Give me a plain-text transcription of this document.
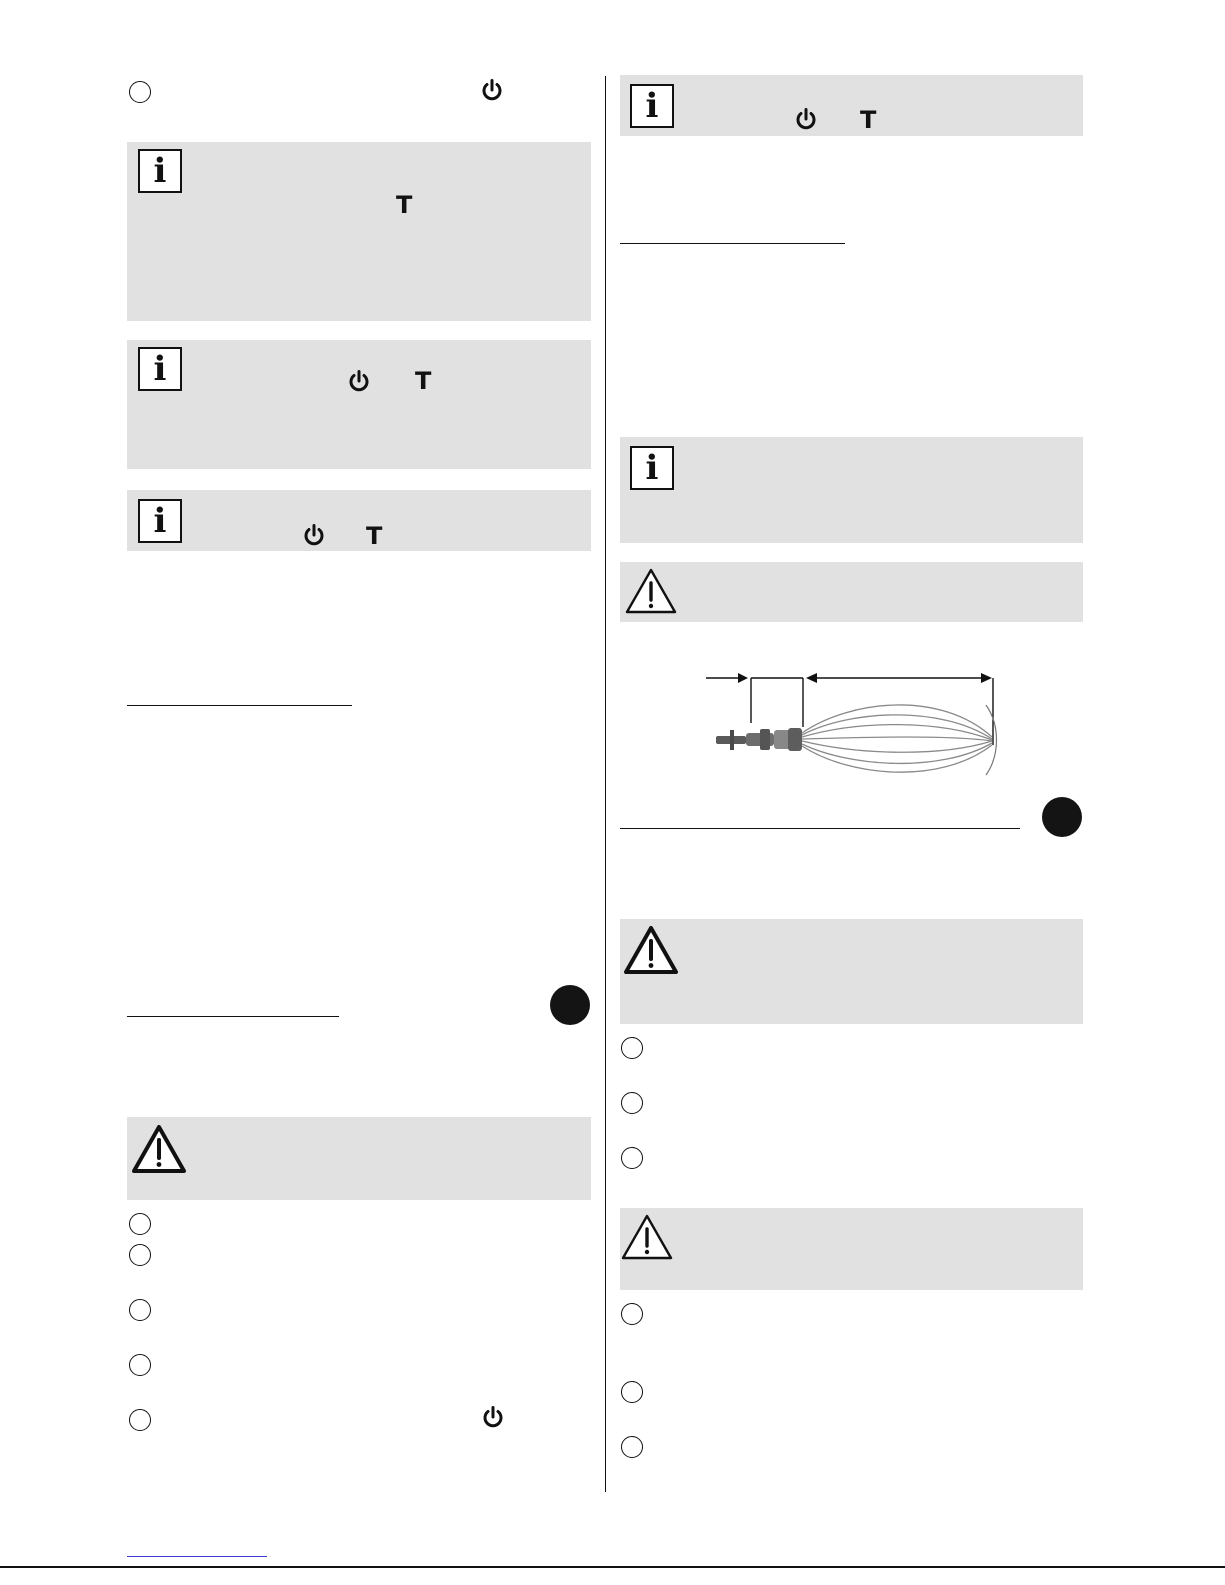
i
T
i	T
i	T
i	T
i
